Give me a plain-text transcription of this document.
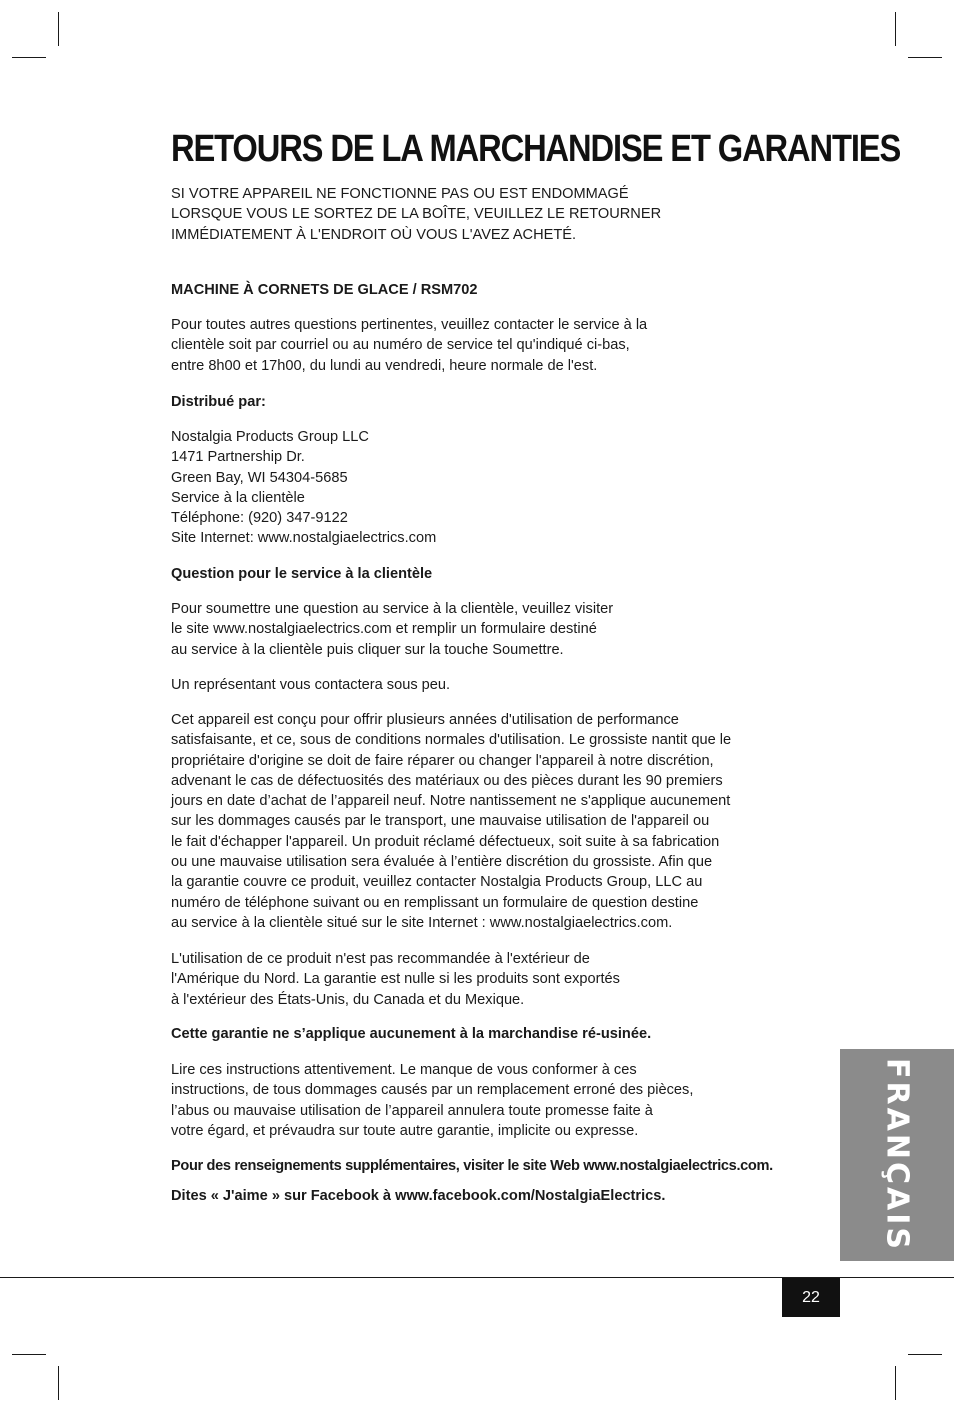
RETOURS DE LA MARCHANDISE ET GARANTIES

SI VOTRE APPAREIL NE FONCTIONNE PAS OU EST ENDOMMAGÉ
LORSQUE VOUS LE SORTEZ DE LA BOÎTE, VEUILLEZ LE RETOURNER
IMMÉDIATEMENT À L'ENDROIT OÙ VOUS L'AVEZ ACHETÉ.

MACHINE À CORNETS DE GLACE / RSM702

Pour toutes autres questions pertinentes, veuillez contacter le service à la
clientèle soit par courriel ou au numéro de service tel qu'indiqué ci-bas,
entre 8h00 et 17h00, du lundi au vendredi, heure normale de l'est.

Distribué par:

Nostalgia Products Group LLC
1471 Partnership Dr.
Green Bay, WI 54304-5685
Service à la clientèle
Téléphone: (920) 347-9122
Site Internet: www.nostalgiaelectrics.com

Question pour le service à la clientèle

Pour soumettre une question au service à la clientèle, veuillez visiter
le site www.nostalgiaelectrics.com et remplir un formulaire destiné
au service à la clientèle puis cliquer sur la touche Soumettre.

Un représentant vous contactera sous peu.

Cet appareil est conçu pour offrir plusieurs années d'utilisation de performance
satisfaisante, et ce, sous de conditions normales d'utilisation. Le grossiste nantit que le
propriétaire d'origine se doit de faire réparer ou changer l'appareil à notre discrétion,
advenant le cas de défectuosités des matériaux ou des pièces durant les 90 premiers
jours en date d’achat de l’appareil neuf. Notre nantissement ne s'applique aucunement
sur les dommages causés par le transport, une mauvaise utilisation de l'appareil ou
le fait d'échapper l'appareil. Un produit réclamé défectueux, soit suite à sa fabrication
ou une mauvaise utilisation sera évaluée à l’entière discrétion du grossiste. Afin que
la garantie couvre ce produit, veuillez contacter Nostalgia Products Group, LLC au
numéro de téléphone suivant ou en remplissant un formulaire de question destine
au service à la clientèle situé sur le site Internet : www.nostalgiaelectrics.com.

L'utilisation de ce produit n'est pas recommandée à l'extérieur de
l'Amérique du Nord. La garantie est nulle si les produits sont exportés
à l'extérieur des États-Unis, du Canada et du Mexique.

Cette garantie ne s’applique aucunement à la marchandise ré-usinée.

Lire ces instructions attentivement. Le manque de vous conformer à ces
instructions, de tous dommages causés par un remplacement erroné des pièces,
l’abus ou mauvaise utilisation de l’appareil annulera toute promesse faite à
votre égard, et prévaudra sur toute autre garantie, implicite ou expresse.

Pour des renseignements supplémentaires, visiter le site Web www.nostalgiaelectrics.com.

Dites « J'aime » sur Facebook à www.facebook.com/NostalgiaElectrics.	FRANÇAIS
22
